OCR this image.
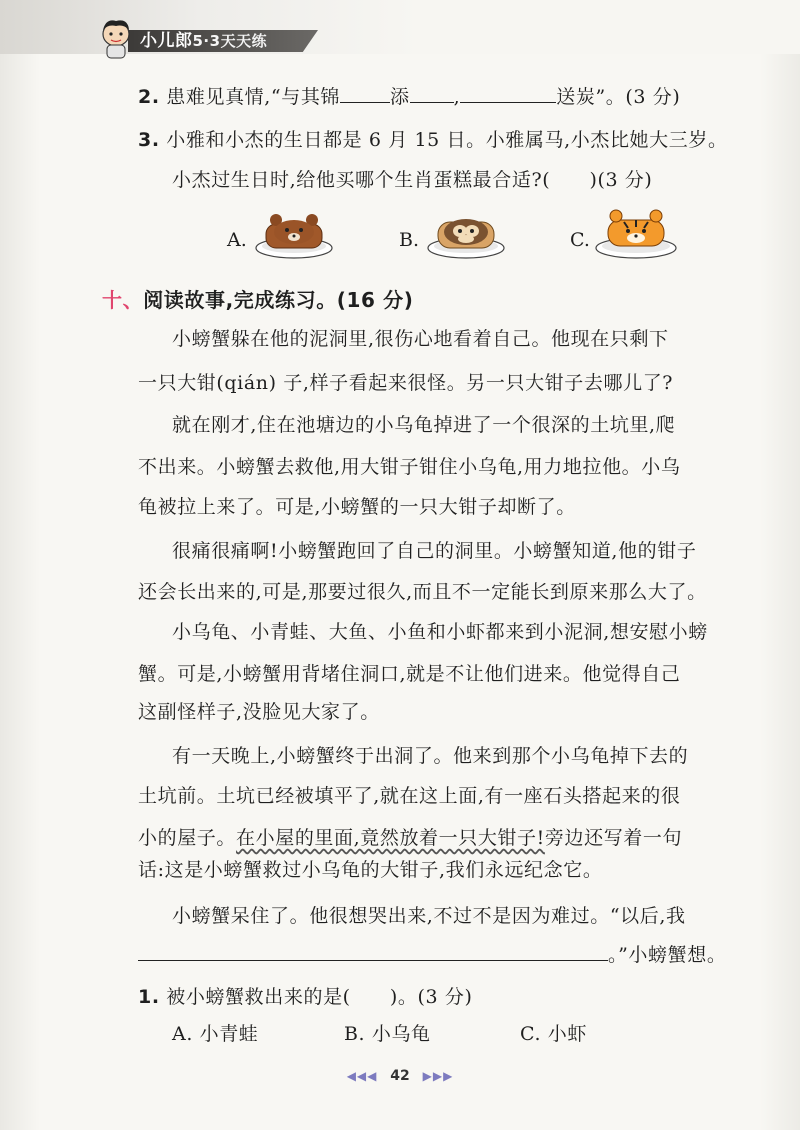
小儿郎5·3天天练
2. 患难见真情,“与其锦	添 ,	送炭”。(3 分)
3. 小雅和小杰的生日都是 6 月 15 日。小雅属马,小杰比她大三岁。
小杰过生日时,给他买哪个生肖蛋糕最合适?(　　)(3 分)
A.	B.	C.
十、阅读故事,完成练习。(16 分)
小螃蟹躲在他的泥洞里,很伤心地看着自己。他现在只剩下
一只大钳(qián) 子,样子看起来很怪。另一只大钳子去哪儿了?
就在刚才,住在池塘边的小乌龟掉进了一个很深的土坑里,爬
不出来。小螃蟹去救他,用大钳子钳住小乌龟,用力地拉他。小乌
龟被拉上来了。可是,小螃蟹的一只大钳子却断了。
很痛很痛啊!小螃蟹跑回了自己的洞里。小螃蟹知道,他的钳子
还会长出来的,可是,那要过很久,而且不一定能长到原来那么大了。
小乌龟、小青蛙、大鱼、小鱼和小虾都来到小泥洞,想安慰小螃
蟹。可是,小螃蟹用背堵住洞口,就是不让他们进来。他觉得自己
这副怪样子,没脸见大家了。
有一天晚上,小螃蟹终于出洞了。他来到那个小乌龟掉下去的
土坑前。土坑已经被填平了,就在这上面,有一座石头搭起来的很
小的屋子。在小屋的里面,竟然放着一只大钳子!旁边还写着一句
话:这是小螃蟹救过小乌龟的大钳子,我们永远纪念它。
小螃蟹呆住了。他很想哭出来,不过不是因为难过。“以后,我
。”小螃蟹想。
1. 被小螃蟹救出来的是(　　)。(3 分)
A. 小青蛙	B. 小乌龟	C. 小虾
◀◀◀ 42 ▶▶▶
